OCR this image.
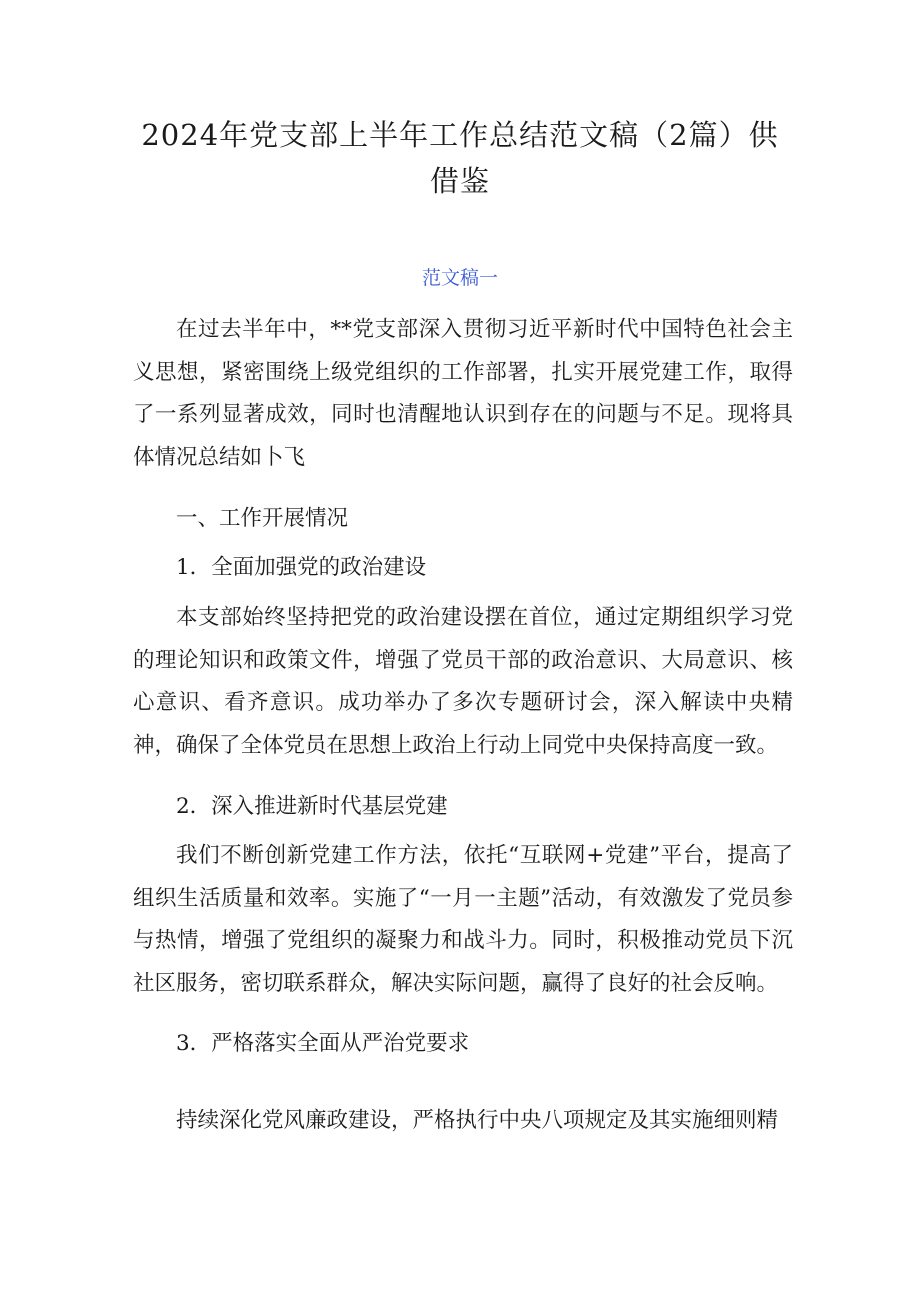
2024年党支部上半年工作总结范文稿（2篇）供借鉴

范文稿一

在过去半年中，**党支部深入贯彻习近平新时代中国特色社会主义思想，紧密围绕上级党组织的工作部署，扎实开展党建工作，取得了一系列显著成效，同时也清醒地认识到存在的问题与不足。现将具体情况总结如卜飞

一、工作开展情况

1．全面加强党的政治建设

本支部始终坚持把党的政治建设摆在首位，通过定期组织学习党的理论知识和政策文件，增强了党员干部的政治意识、大局意识、核心意识、看齐意识。成功举办了多次专题研讨会，深入解读中央精神，确保了全体党员在思想上政治上行动上同党中央保持高度一致。

2．深入推进新时代基层党建

我们不断创新党建工作方法，依托“互联网+党建”平台，提高了组织生活质量和效率。实施了“一月一主题”活动，有效激发了党员参与热情，增强了党组织的凝聚力和战斗力。同时，积极推动党员下沉社区服务，密切联系群众，解决实际问题，赢得了良好的社会反响。

3．严格落实全面从严治党要求

持续深化党风廉政建设，严格执行中央八项规定及其实施细则精
